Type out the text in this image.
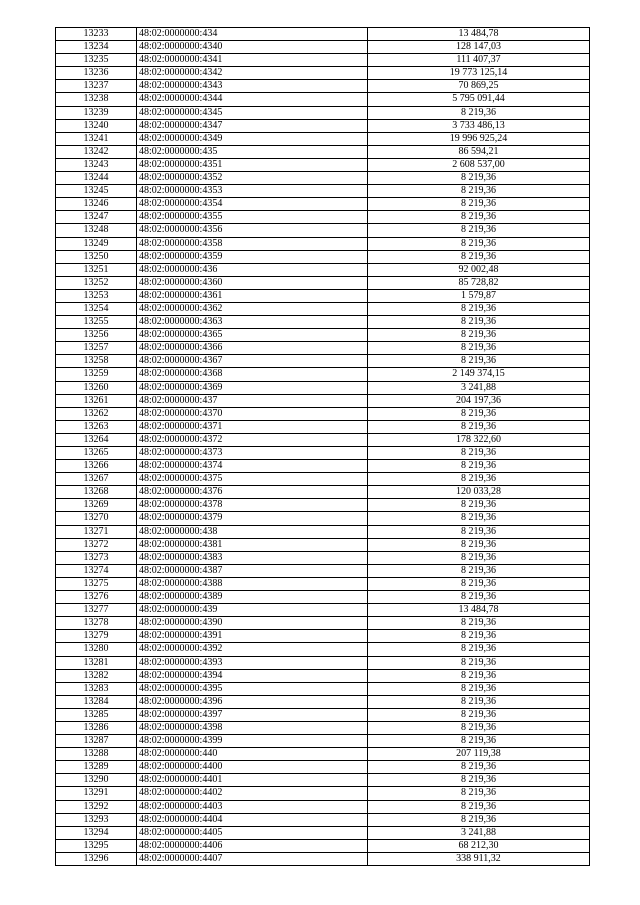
13233	48:02:0000000:434	13 484,78
13234	48:02:0000000:4340	128 147,03
13235	48:02:0000000:4341	111 407,37
13236	48:02:0000000:4342	19 773 125,14
13237	48:02:0000000:4343	70 869,25
13238	48:02:0000000:4344	5 795 091,44
13239	48:02:0000000:4345	8 219,36
13240	48:02:0000000:4347	3 733 486,13
13241	48:02:0000000:4349	19 996 925,24
13242	48:02:0000000:435	86 594,21
13243	48:02:0000000:4351	2 608 537,00
13244	48:02:0000000:4352	8 219,36
13245	48:02:0000000:4353	8 219,36
13246	48:02:0000000:4354	8 219,36
13247	48:02:0000000:4355	8 219,36
13248	48:02:0000000:4356	8 219,36
13249	48:02:0000000:4358	8 219,36
13250	48:02:0000000:4359	8 219,36
13251	48:02:0000000:436	92 002,48
13252	48:02:0000000:4360	85 728,82
13253	48:02:0000000:4361	1 579,87
13254	48:02:0000000:4362	8 219,36
13255	48:02:0000000:4363	8 219,36
13256	48:02:0000000:4365	8 219,36
13257	48:02:0000000:4366	8 219,36
13258	48:02:0000000:4367	8 219,36
13259	48:02:0000000:4368	2 149 374,15
13260	48:02:0000000:4369	3 241,88
13261	48:02:0000000:437	204 197,36
13262	48:02:0000000:4370	8 219,36
13263	48:02:0000000:4371	8 219,36
13264	48:02:0000000:4372	178 322,60
13265	48:02:0000000:4373	8 219,36
13266	48:02:0000000:4374	8 219,36
13267	48:02:0000000:4375	8 219,36
13268	48:02:0000000:4376	120 033,28
13269	48:02:0000000:4378	8 219,36
13270	48:02:0000000:4379	8 219,36
13271	48:02:0000000:438	8 219,36
13272	48:02:0000000:4381	8 219,36
13273	48:02:0000000:4383	8 219,36
13274	48:02:0000000:4387	8 219,36
13275	48:02:0000000:4388	8 219,36
13276	48:02:0000000:4389	8 219,36
13277	48:02:0000000:439	13 484,78
13278	48:02:0000000:4390	8 219,36
13279	48:02:0000000:4391	8 219,36
13280	48:02:0000000:4392	8 219,36
13281	48:02:0000000:4393	8 219,36
13282	48:02:0000000:4394	8 219,36
13283	48:02:0000000:4395	8 219,36
13284	48:02:0000000:4396	8 219,36
13285	48:02:0000000:4397	8 219,36
13286	48:02:0000000:4398	8 219,36
13287	48:02:0000000:4399	8 219,36
13288	48:02:0000000:440	207 119,38
13289	48:02:0000000:4400	8 219,36
13290	48:02:0000000:4401	8 219,36
13291	48:02:0000000:4402	8 219,36
13292	48:02:0000000:4403	8 219,36
13293	48:02:0000000:4404	8 219,36
13294	48:02:0000000:4405	3 241,88
13295	48:02:0000000:4406	68 212,30
13296	48:02:0000000:4407	338 911,32
